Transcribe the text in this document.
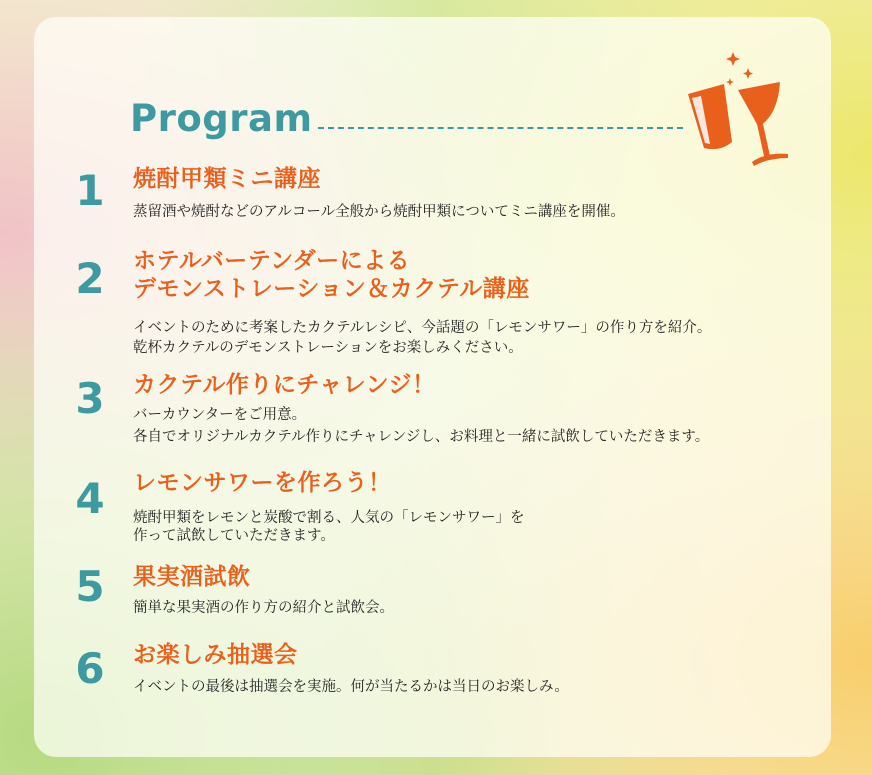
Program
1	焼酎甲類ミニ講座
蒸留酒や焼酎などのアルコール全般から焼酎甲類についてミニ講座を開催。
2	ホテルバーテンダーによる
デモンストレーション＆カクテル講座
イベントのために考案したカクテルレシピ、今話題の「レモンサワー」の作り方を紹介。
乾杯カクテルのデモンストレーションをお楽しみください。
3	カクテル作りにチャレンジ！
バーカウンターをご用意。
各自でオリジナルカクテル作りにチャレンジし、お料理と一緒に試飲していただきます。
4	レモンサワーを作ろう！
焼酎甲類をレモンと炭酸で割る、人気の「レモンサワー」を
作って試飲していただきます。
5	果実酒試飲
簡単な果実酒の作り方の紹介と試飲会。
6	お楽しみ抽選会
イベントの最後は抽選会を実施。何が当たるかは当日のお楽しみ。
